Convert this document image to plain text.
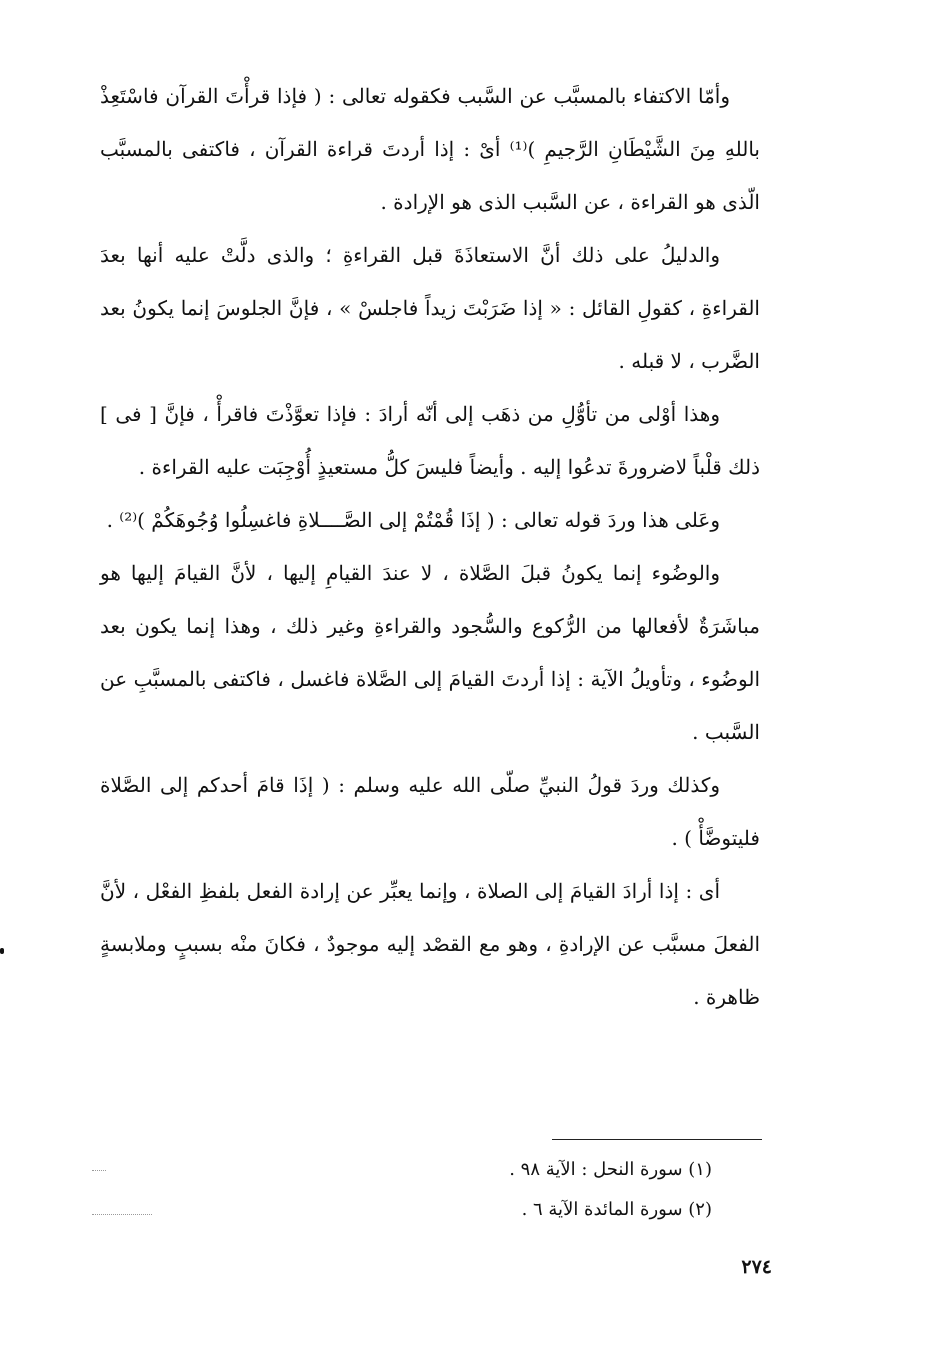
وأمّا الاكتفاء بالمسبَّب عن السَّبب فكقوله تعالى : ( فإذا قرأْتَ القرآن فاسْتَعِذْ باللهِ مِنَ الشَّيْطَانِ الرَّجيمِ )⁽¹⁾ أىْ : إذا أردتَ قراءة القرآن ، فاكتفى بالمسبَّب الّذى هو القراءة ، عن السَّبب الذى هو الإرادة .

والدليلُ على ذلك أنَّ الاستعاذَةَ قبل القراءةِ ؛ والذى دلَّتْ عليه أنها بعدَ القراءةِ ، كقولِ القائل : « إذا ضَرَبْتَ زيداً فاجلسْ » ، فإنَّ الجلوسَ إنما يكونُ بعد الضَّرب ، لا قبله .

وهذا أوْلى من تأوُّلِ من ذهَب إلى أنّه أرادَ : فإذا تعوَّذْتَ فاقرأْ ، فإنَّ [ فى ] ذلك قلْباً لاضرورةَ تدعُوا إليه . وأيضاً فليسَ كلُّ مستعيذٍ أُوْجِبَت عليه القراءة .

وعَلى هذا وردَ قوله تعالى : ( إذَا قُمْتُمْ إلى الصَّــــلاةِ فاغسِلُوا وُجُوهَكُمْ )⁽²⁾ .

والوضُوء إنما يكونُ قبلَ الصَّلاة ، لا عندَ القيامِ إليها ، لأنَّ القيامَ إليها هو مباشَرَةٌ لأفعالها من الرُّكوع والسُّجود والقراءةِ وغير ذلك ، وهذا إنما يكون بعد الوضُوء ، وتأويلُ الآية : إذا أردتَ القيامَ إلى الصَّلاة فاغسل ، فاكتفى بالمسبَّبِ عن السَّبب .

وكذلك وردَ قولُ النبيِّ صلّى الله عليه وسلم : ( إذَا قامَ أحدكم إلى الصَّلاة فليتوضَّأْ ) .

أى : إذا أرادَ القيامَ إلى الصلاة ، وإنما يعبِّر عن إرادة الفعل بلفظِ الفعْل ، لأنَّ الفعلَ مسبَّب عن الإرادةِ ، وهو مع القصْد إليه موجودٌ ، فكانَ منْه بسببٍ وملابسةٍ ظاهرة .

(١) سورة النحل : الآية ٩٨ .

(٢) سورة المائدة الآية ٦ .

٢٧٤
